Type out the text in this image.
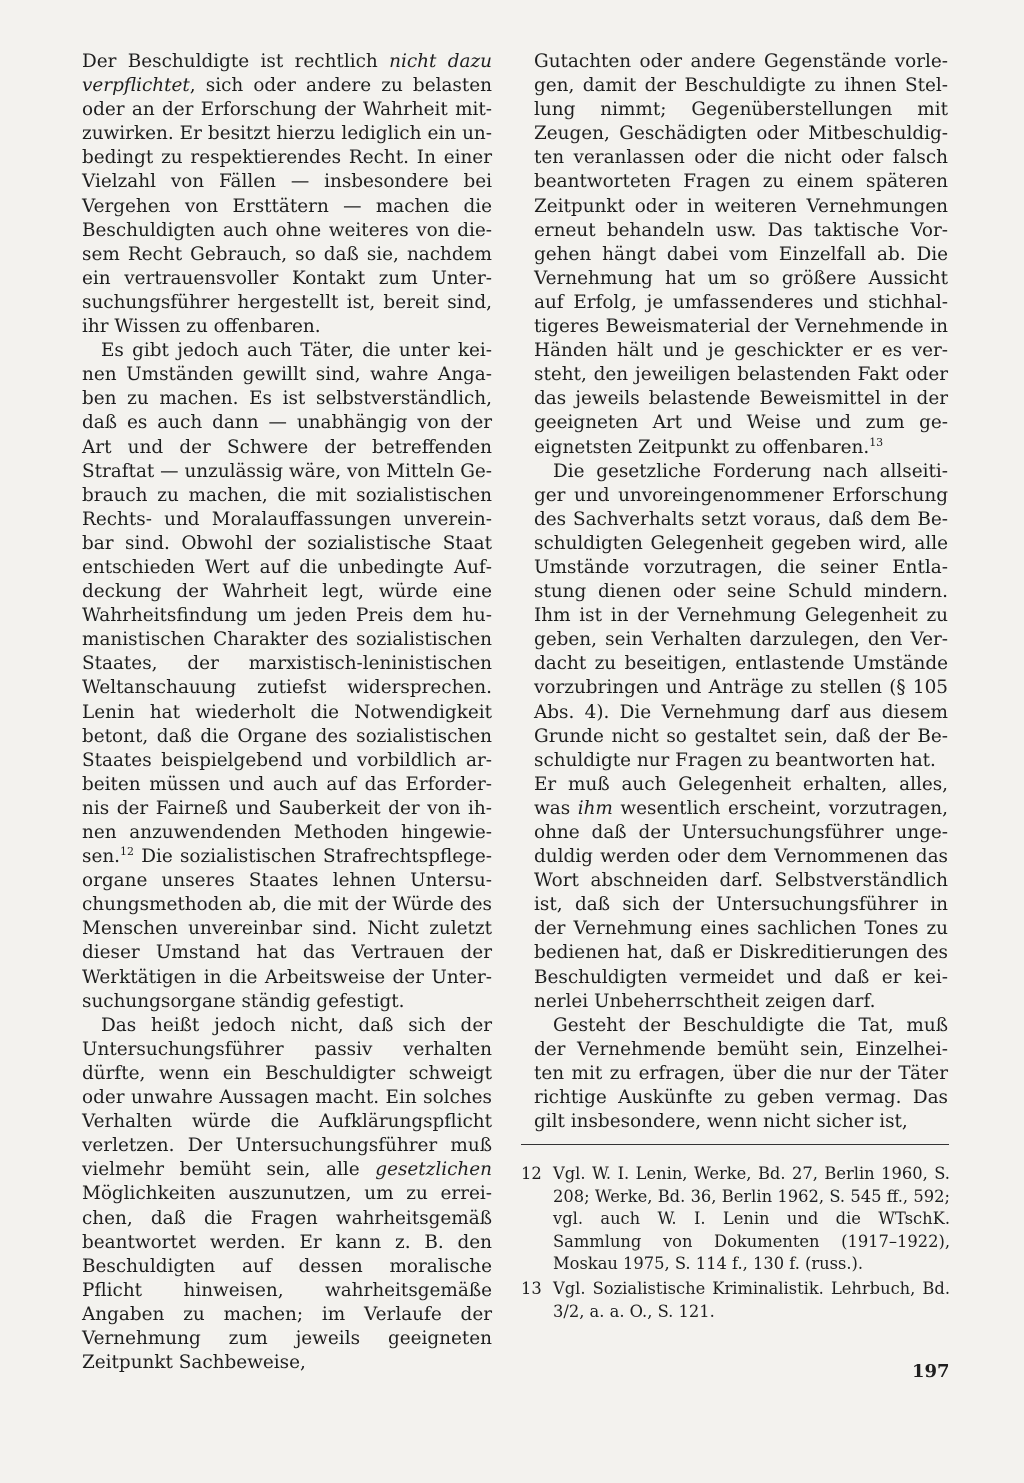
Der Beschuldigte ist rechtlich nicht dazu verpflichtet, sich oder andere zu belasten oder an der Erforschung der Wahrheit mitzuwirken. Er besitzt hierzu lediglich ein unbedingt zu respektierendes Recht. In einer Vielzahl von Fällen — insbesondere bei Vergehen von Ersttätern — machen die Beschuldigten auch ohne weiteres von diesem Recht Gebrauch, so daß sie, nachdem ein vertrauensvoller Kontakt zum Untersuchungsführer hergestellt ist, bereit sind, ihr Wissen zu offenbaren.

Es gibt jedoch auch Täter, die unter keinen Umständen gewillt sind, wahre Angaben zu machen. Es ist selbstverständlich, daß es auch dann — unabhängig von der Art und der Schwere der betreffenden Straftat — unzulässig wäre, von Mitteln Gebrauch zu machen, die mit sozialistischen Rechts- und Moralauffassungen unvereinbar sind. Obwohl der sozialistische Staat entschieden Wert auf die unbedingte Aufdeckung der Wahrheit legt, würde eine Wahrheitsfindung um jeden Preis dem humanistischen Charakter des sozialistischen Staates, der marxistisch-leninistischen Weltanschauung zutiefst widersprechen. Lenin hat wiederholt die Notwendigkeit betont, daß die Organe des sozialistischen Staates beispielgebend und vorbildlich arbeiten müssen und auch auf das Erfordernis der Fairneß und Sauberkeit der von ihnen anzuwendenden Methoden hingewiesen.$^{12}$ Die sozialistischen Strafrechtspflegeorgane unseres Staates lehnen Untersuchungsmethoden ab, die mit der Würde des Menschen unvereinbar sind. Nicht zuletzt dieser Umstand hat das Vertrauen der Werktätigen in die Arbeitsweise der Untersuchungsorgane ständig gefestigt.

Das heißt jedoch nicht, daß sich der Untersuchungsführer passiv verhalten dürfte, wenn ein Beschuldigter schweigt oder unwahre Aussagen macht. Ein solches Verhalten würde die Aufklärungspflicht verletzen. Der Untersuchungsführer muß vielmehr bemüht sein, alle gesetzlichen Möglichkeiten auszunutzen, um zu erreichen, daß die Fragen wahrheitsgemäß beantwortet werden. Er kann z. B. den Beschuldigten auf dessen moralische Pflicht hinweisen, wahrheitsgemäße Angaben zu machen; im Verlaufe der Vernehmung zum jeweils geeigneten Zeitpunkt Sachbeweise,

Gutachten oder andere Gegenstände vorlegen, damit der Beschuldigte zu ihnen Stellung nimmt; Gegenüberstellungen mit Zeugen, Geschädigten oder Mitbeschuldigten veranlassen oder die nicht oder falsch beantworteten Fragen zu einem späteren Zeitpunkt oder in weiteren Vernehmungen erneut behandeln usw. Das taktische Vorgehen hängt dabei vom Einzelfall ab. Die Vernehmung hat um so größere Aussicht auf Erfolg, je umfassenderes und stichhaltigeres Beweismaterial der Vernehmende in Händen hält und je geschickter er es versteht, den jeweiligen belastenden Fakt oder das jeweils belastende Beweismittel in der geeigneten Art und Weise und zum geeignetsten Zeitpunkt zu offenbaren.$^{13}$

Die gesetzliche Forderung nach allseitiger und unvoreingenommener Erforschung des Sachverhalts setzt voraus, daß dem Beschuldigten Gelegenheit gegeben wird, alle Umstände vorzutragen, die seiner Entlastung dienen oder seine Schuld mindern. Ihm ist in der Vernehmung Gelegenheit zu geben, sein Verhalten darzulegen, den Verdacht zu beseitigen, entlastende Umstände vorzubringen und Anträge zu stellen (§ 105 Abs. 4). Die Vernehmung darf aus diesem Grunde nicht so gestaltet sein, daß der Beschuldigte nur Fragen zu beantworten hat.

Er muß auch Gelegenheit erhalten, alles, was ihm wesentlich erscheint, vorzutragen, ohne daß der Untersuchungsführer ungeduldig werden oder dem Vernommenen das Wort abschneiden darf. Selbstverständlich ist, daß sich der Untersuchungsführer in der Vernehmung eines sachlichen Tones zu bedienen hat, daß er Diskreditierungen des Beschuldigten vermeidet und daß er keinerlei Unbeherrschtheit zeigen darf.

Gesteht der Beschuldigte die Tat, muß der Vernehmende bemüht sein, Einzelheiten mit zu erfragen, über die nur der Täter richtige Auskünfte zu geben vermag. Das gilt insbesondere, wenn nicht sicher ist,

12 Vgl. W. I. Lenin, Werke, Bd. 27, Berlin 1960, S. 208; Werke, Bd. 36, Berlin 1962, S. 545 ff., 592; vgl. auch W. I. Lenin und die WTschK. Sammlung von Dokumenten (1917–1922), Moskau 1975, S. 114 f., 130 f. (russ.).
13 Vgl. Sozialistische Kriminalistik. Lehrbuch, Bd. 3/2, a. a. O., S. 121.
197
